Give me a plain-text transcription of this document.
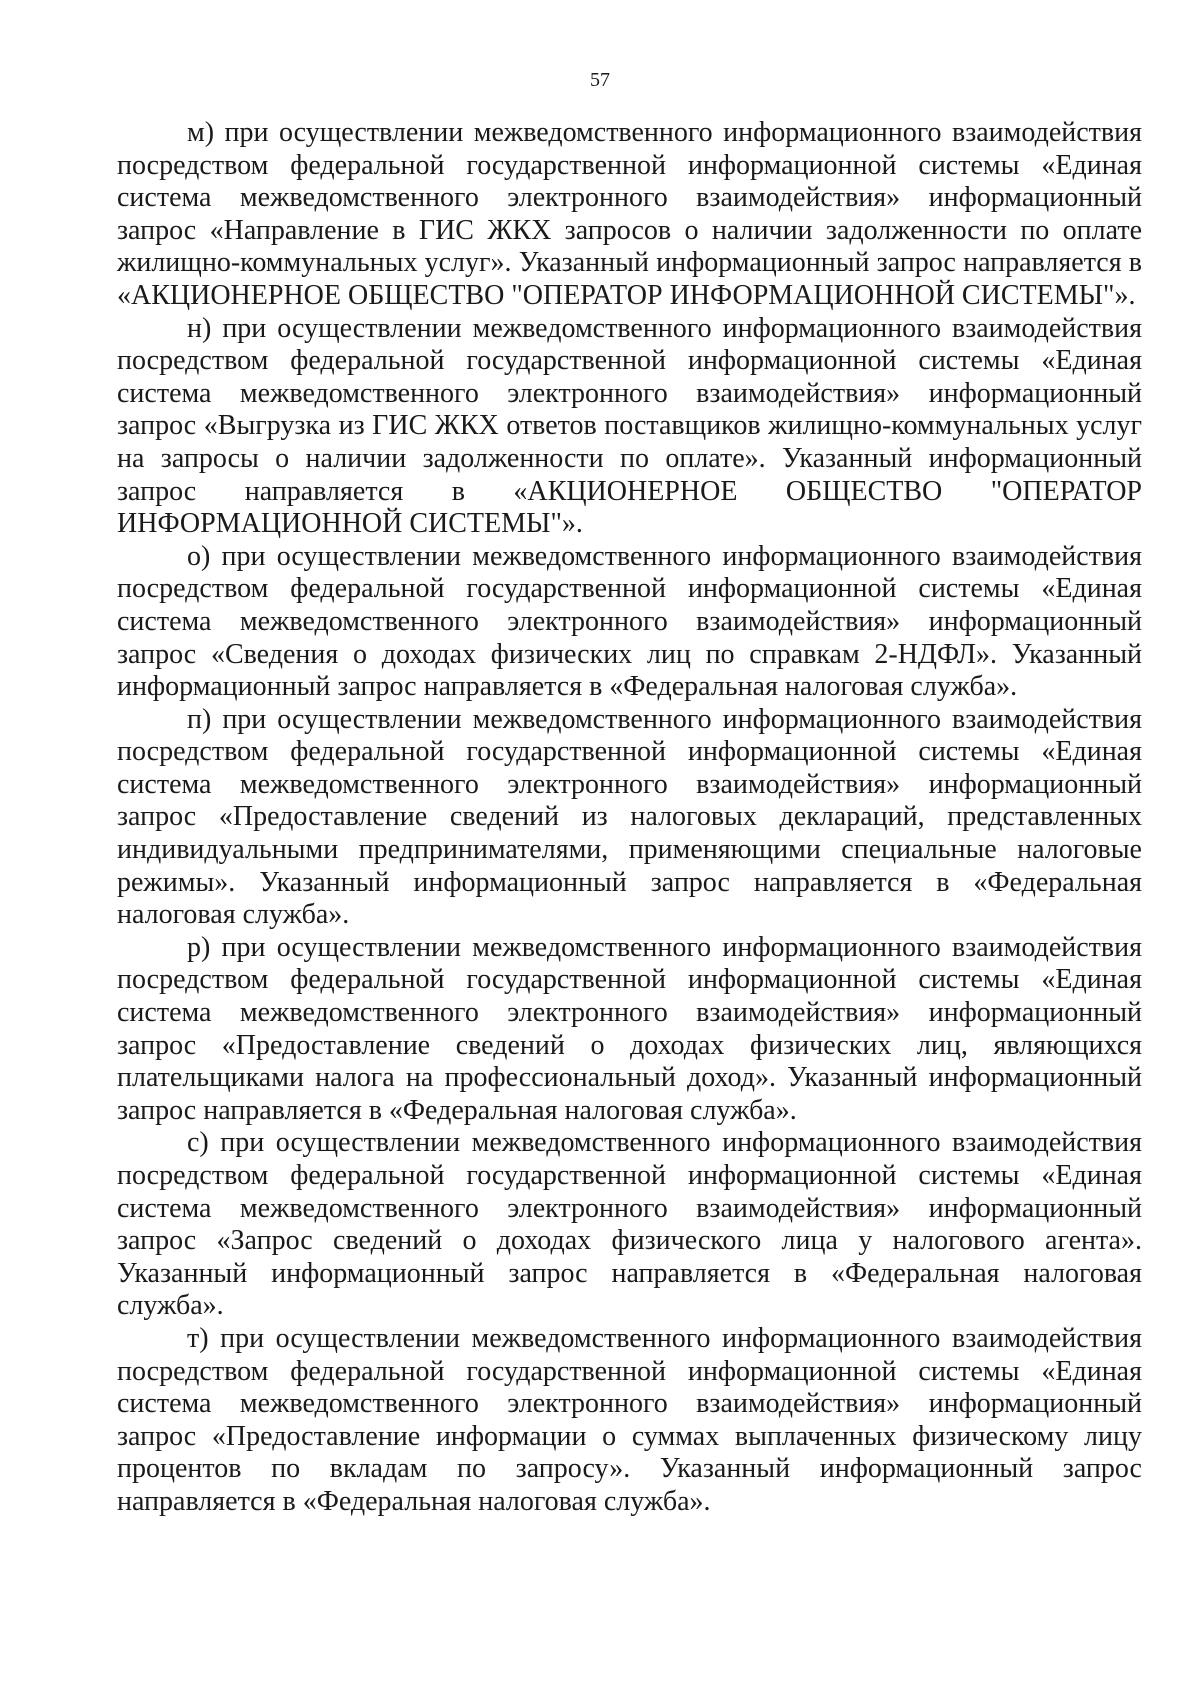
57

м) при осуществлении межведомственного информационного взаимодействия посредством федеральной государственной информационной системы «Единая система межведомственного электронного взаимодействия» информационный запрос «Направление в ГИС ЖКХ запросов о наличии задолженности по оплате жилищно-коммунальных услуг». Указанный информационный запрос направляется в «АКЦИОНЕРНОЕ ОБЩЕСТВО "ОПЕРАТОР ИНФОРМАЦИОННОЙ СИСТЕМЫ"».

н) при осуществлении межведомственного информационного взаимодействия посредством федеральной государственной информационной системы «Единая система межведомственного электронного взаимодействия» информационный запрос «Выгрузка из ГИС ЖКХ ответов поставщиков жилищно-коммунальных услуг на запросы о наличии задолженности по оплате». Указанный информационный запрос направляется в «АКЦИОНЕРНОЕ ОБЩЕСТВО "ОПЕРАТОР ИНФОРМАЦИОННОЙ СИСТЕМЫ"».

о) при осуществлении межведомственного информационного взаимодействия посредством федеральной государственной информационной системы «Единая система межведомственного электронного взаимодействия» информационный запрос «Сведения о доходах физических лиц по справкам 2-НДФЛ». Указанный информационный запрос направляется в «Федеральная налоговая служба».

п) при осуществлении межведомственного информационного взаимодействия посредством федеральной государственной информационной системы «Единая система межведомственного электронного взаимодействия» информационный запрос «Предоставление сведений из налоговых деклараций, представленных индивидуальными предпринимателями, применяющими специальные налоговые режимы». Указанный информационный запрос направляется в «Федеральная налоговая служба».

р) при осуществлении межведомственного информационного взаимодействия посредством федеральной государственной информационной системы «Единая система межведомственного электронного взаимодействия» информационный запрос «Предоставление сведений о доходах физических лиц, являющихся плательщиками налога на профессиональный доход». Указанный информационный запрос направляется в «Федеральная налоговая служба».

с) при осуществлении межведомственного информационного взаимодействия посредством федеральной государственной информационной системы «Единая система межведомственного электронного взаимодействия» информационный запрос «Запрос сведений о доходах физического лица у налогового агента». Указанный информационный запрос направляется в «Федеральная налоговая служба».

т) при осуществлении межведомственного информационного взаимодействия посредством федеральной государственной информационной системы «Единая система межведомственного электронного взаимодействия» информационный запрос «Предоставление информации о суммах выплаченных физическому лицу процентов по вкладам по запросу». Указанный информационный запрос направляется в «Федеральная налоговая служба».
